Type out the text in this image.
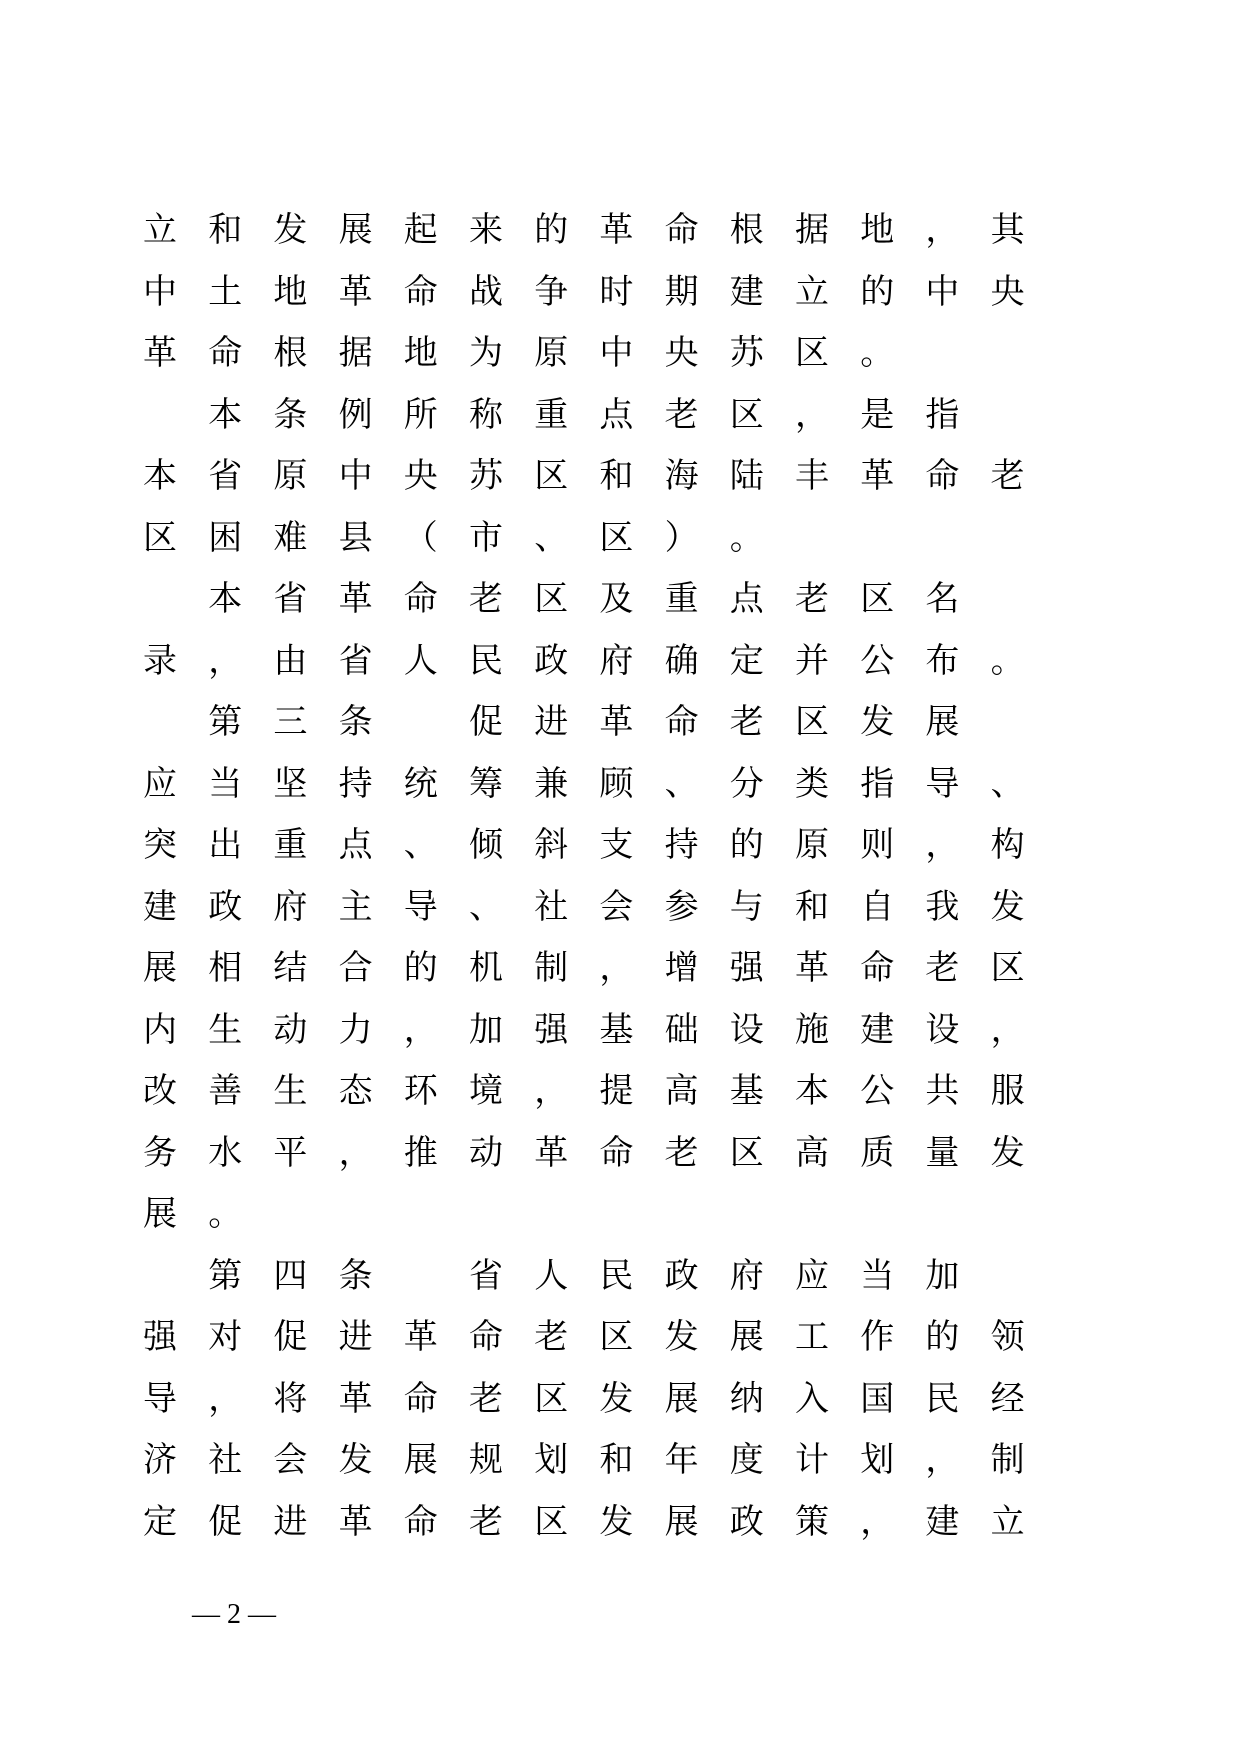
立 和 发 展 起 来 的 革 命 根 据 地 ， 其
中 土 地 革 命 战 争 时 期 建 立 的 中 央
革 命 根 据 地 为 原 中 央 苏 区 。

本 条 例 所 称 重 点 老 区 ， 是 指
本 省 原 中 央 苏 区 和 海 陆 丰 革 命 老
区 困 难 县 （ 市 、 区 ） 。

本 省 革 命 老 区 及 重 点 老 区 名
录 ， 由 省 人 民 政 府 确 定 并 公 布 。

第 三 条
　	促 进 革 命 老 区 发 展
应 当 坚 持 统 筹 兼 顾 、 分 类 指 导 、
突 出 重 点 、 倾 斜 支 持 的 原 则 ， 构
建 政 府 主 导 、 社 会 参 与 和 自 我 发
展 相 结 合 的 机 制 ， 增 强 革 命 老 区
内 生 动 力 ， 加 强 基 础 设 施 建 设 ，
改 善 生 态 环 境 ， 提 高 基 本 公 共 服
务 水 平 ， 推 动 革 命 老 区 高 质 量 发
展 。

第 四 条
　	省 人 民 政 府 应 当 加
强 对 促 进 革 命 老 区 发 展 工 作 的 领
导 ， 将 革 命 老 区 发 展 纳 入 国 民 经
济 社 会 发 展 规 划 和 年 度 计 划 ， 制
定 促 进 革 命 老 区 发 展 政 策 ， 建 立
— 2 —
